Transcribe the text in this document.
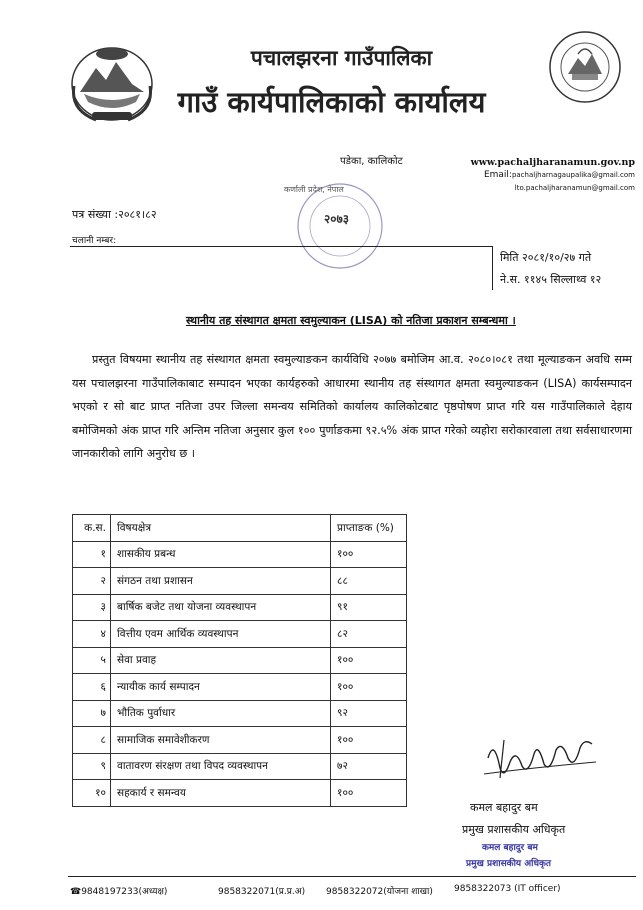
पचालझरना गाउँपालिका
गाउँ कार्यपालिकाको कार्यालय
पडेका, कालिकोट	www.pachaljharanamun.gov.np
Email:pachaljharnagaupalika@gmail.com
lto.pachaljharanamun@gmail.com
कर्णाली प्रदेश, नेपाल
२०७३
पत्र संख्या :२०८१।८२
चलानी नम्बर:
मिति २०८१/१०/२७ गते
ने.स. ११४५ सिल्लाथ्व १२
स्थानीय तह संस्थागत क्षमता स्वमुल्याकन (LISA) को नतिजा प्रकाशन सम्बन्धमा ।

प्रस्तुत विषयमा स्थानीय तह संस्थागत क्षमता स्वमुल्याङकन कार्यविधि २०७७ बमोजिम आ.व. २०८०।०८१ तथा मूल्याङकन अवधि सम्म यस पचालझरना गाउँपालिकाबाट सम्पादन भएका कार्यहरुको आधारमा स्थानीय तह संस्थागत क्षमता स्वमुल्याङकन (LISA) कार्यसम्पादन भएको र सो बाट प्राप्त नतिजा उपर जिल्ला समन्वय समितिको कार्यालय कालिकोटबाट पृष्ठपोषण प्राप्त गरि यस गाउँपालिकाले देहाय बमोजिमको अंक प्राप्त गरि अन्तिम नतिजा अनुसार कुल १०० पुर्णाङकमा ९२.५% अंक प्राप्त गरेको व्यहोरा सरोकारवाला तथा सर्वसाधारणमा जानकारीको लागि अनुरोध छ ।

क.स.	विषयक्षेत्र	प्राप्ताङक (%)
१	शासकीय प्रबन्ध	१००
२	संगठन तथा प्रशासन	८८
३	बार्षिक बजेट तथा योजना व्यवस्थापन	९१
४	वित्तीय एवम आर्थिक व्यवस्थापन	८२
५	सेवा प्रवाह	१००
६	न्यायीक कार्य सम्पादन	१००
७	भौतिक पुर्वाधार	९२
८	सामाजिक समावेशीकरण	१००
९	वातावरण संरक्षण तथा विपद व्यवस्थापन	७२
१०	सहकार्य र समन्वय	१००
कमल बहादुर बम
प्रमुख प्रशासकीय अधिकृत
कमल बहादुर बम
प्रमुख प्रशासकीय अधिकृत
☎9848197233(अध्यक्ष)	9858322071(प्र.प्र.अ) 9858322072(योजना शाखा) 9858322073 (IT officer)
